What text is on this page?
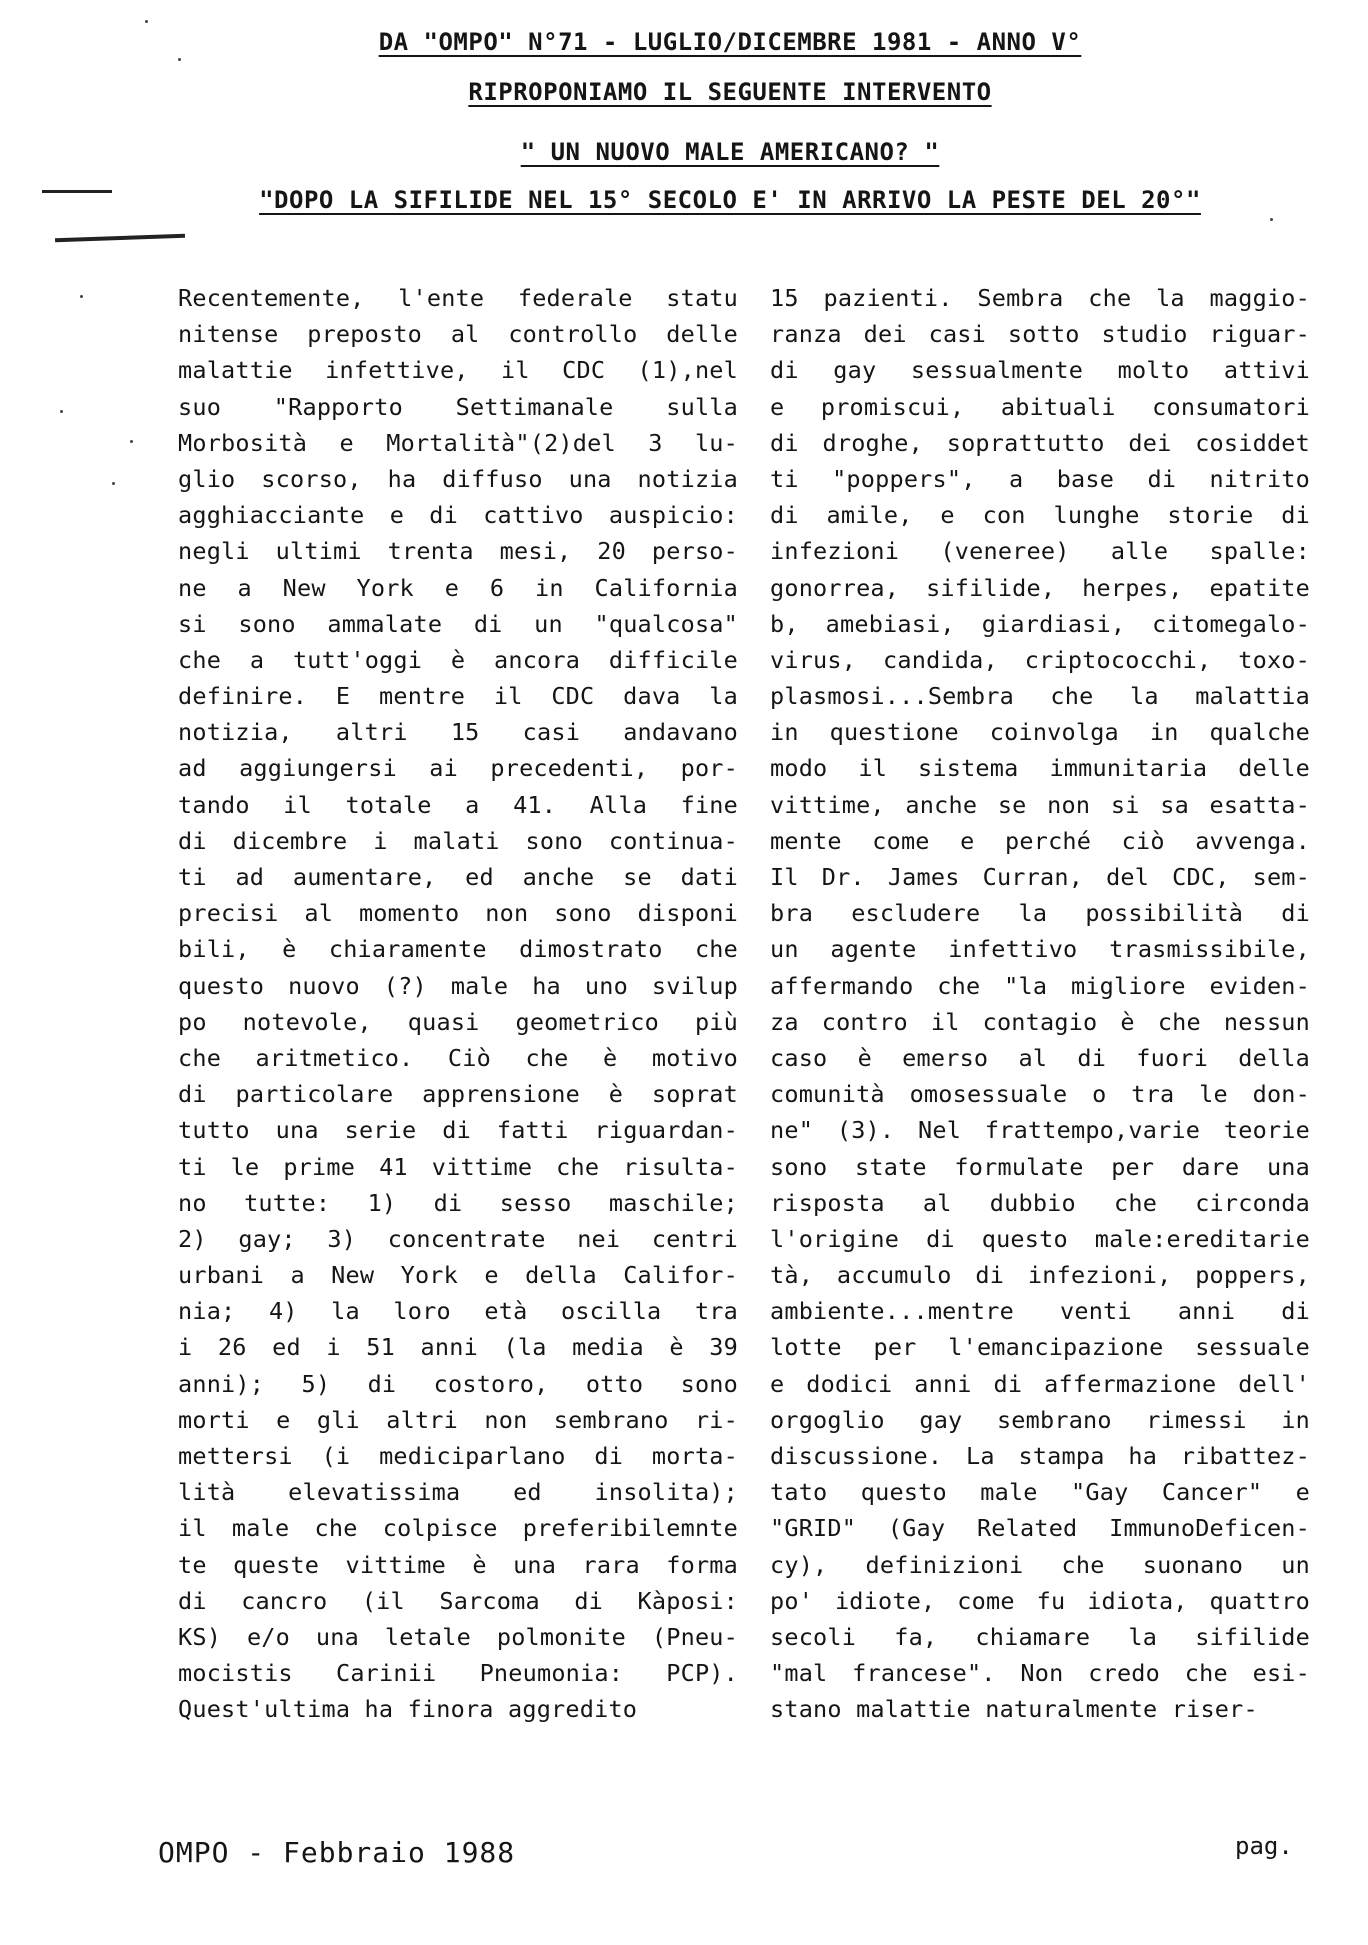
DA "OMPO" N°71 - LUGLIO/DICEMBRE 1981 - ANNO V°
RIPROPONIAMO IL SEGUENTE INTERVENTO
" UN NUOVO MALE AMERICANO? "
"DOPO LA SIFILIDE NEL 15° SECOLO E' IN ARRIVO LA PESTE DEL 20°"
Recentemente, l'ente federale statu
nitense preposto al controllo delle
malattie infettive, il CDC (1),nel
suo "Rapporto Settimanale sulla
Morbosità e Mortalità"(2)del 3 lu-
glio scorso, ha diffuso una notizia
agghiacciante e di cattivo auspicio:
negli ultimi trenta mesi, 20 perso-
ne a New York e 6 in California
si sono ammalate di un "qualcosa"
che a tutt'oggi è ancora difficile
definire. E mentre il CDC dava la
notizia, altri 15 casi andavano
ad aggiungersi ai precedenti, por-
tando il totale a 41. Alla fine
di dicembre i malati sono continua-
ti ad aumentare, ed anche se dati
precisi al momento non sono disponi
bili, è chiaramente dimostrato che
questo nuovo (?) male ha uno svilup
po notevole, quasi geometrico più
che aritmetico. Ciò che è motivo
di particolare apprensione è soprat
tutto una serie di fatti riguardan-
ti le prime 41 vittime che risulta-
no tutte: 1) di sesso maschile;
2) gay; 3) concentrate nei centri
urbani a New York e della Califor-
nia; 4) la loro età oscilla tra
i 26 ed i 51 anni (la media è 39
anni); 5) di costoro, otto sono
morti e gli altri non sembrano ri-
mettersi (i mediciparlano di morta-
lità elevatissima ed insolita);
il male che colpisce preferibilemnte
te queste vittime è una rara forma
di cancro (il Sarcoma di Kàposi:
KS) e/o una letale polmonite (Pneu-
mocistis Carinii Pneumonia: PCP).
Quest'ultima ha finora aggredito
15 pazienti. Sembra che la maggio-
ranza dei casi sotto studio riguar-
di gay sessualmente molto attivi
e promiscui, abituali consumatori
di droghe, soprattutto dei cosiddet
ti "poppers", a base di nitrito
di amile, e con lunghe storie di
infezioni (veneree) alle spalle:
gonorrea, sifilide, herpes, epatite
b, amebiasi, giardiasi, citomegalo-
virus, candida, criptococchi, toxo-
plasmosi...Sembra che la malattia
in questione coinvolga in qualche
modo il sistema immunitaria delle
vittime, anche se non si sa esatta-
mente come e perché ciò avvenga.
Il Dr. James Curran, del CDC, sem-
bra escludere la possibilità di
un agente infettivo trasmissibile,
affermando che "la migliore eviden-
za contro il contagio è che nessun
caso è emerso al di fuori della
comunità omosessuale o tra le don-
ne" (3). Nel frattempo,varie teorie
sono state formulate per dare una
risposta al dubbio che circonda
l'origine di questo male:ereditarie
tà, accumulo di infezioni, poppers,
ambiente...mentre venti anni di
lotte per l'emancipazione sessuale
e dodici anni di affermazione dell'
orgoglio gay sembrano rimessi in
discussione. La stampa ha ribattez-
tato questo male "Gay Cancer" e
"GRID" (Gay Related ImmunoDeficen-
cy), definizioni che suonano un
po' idiote, come fu idiota, quattro
secoli fa, chiamare la sifilide
"mal francese". Non credo che esi-
stano malattie naturalmente riser-
OMPO - Febbraio 1988	pag.
